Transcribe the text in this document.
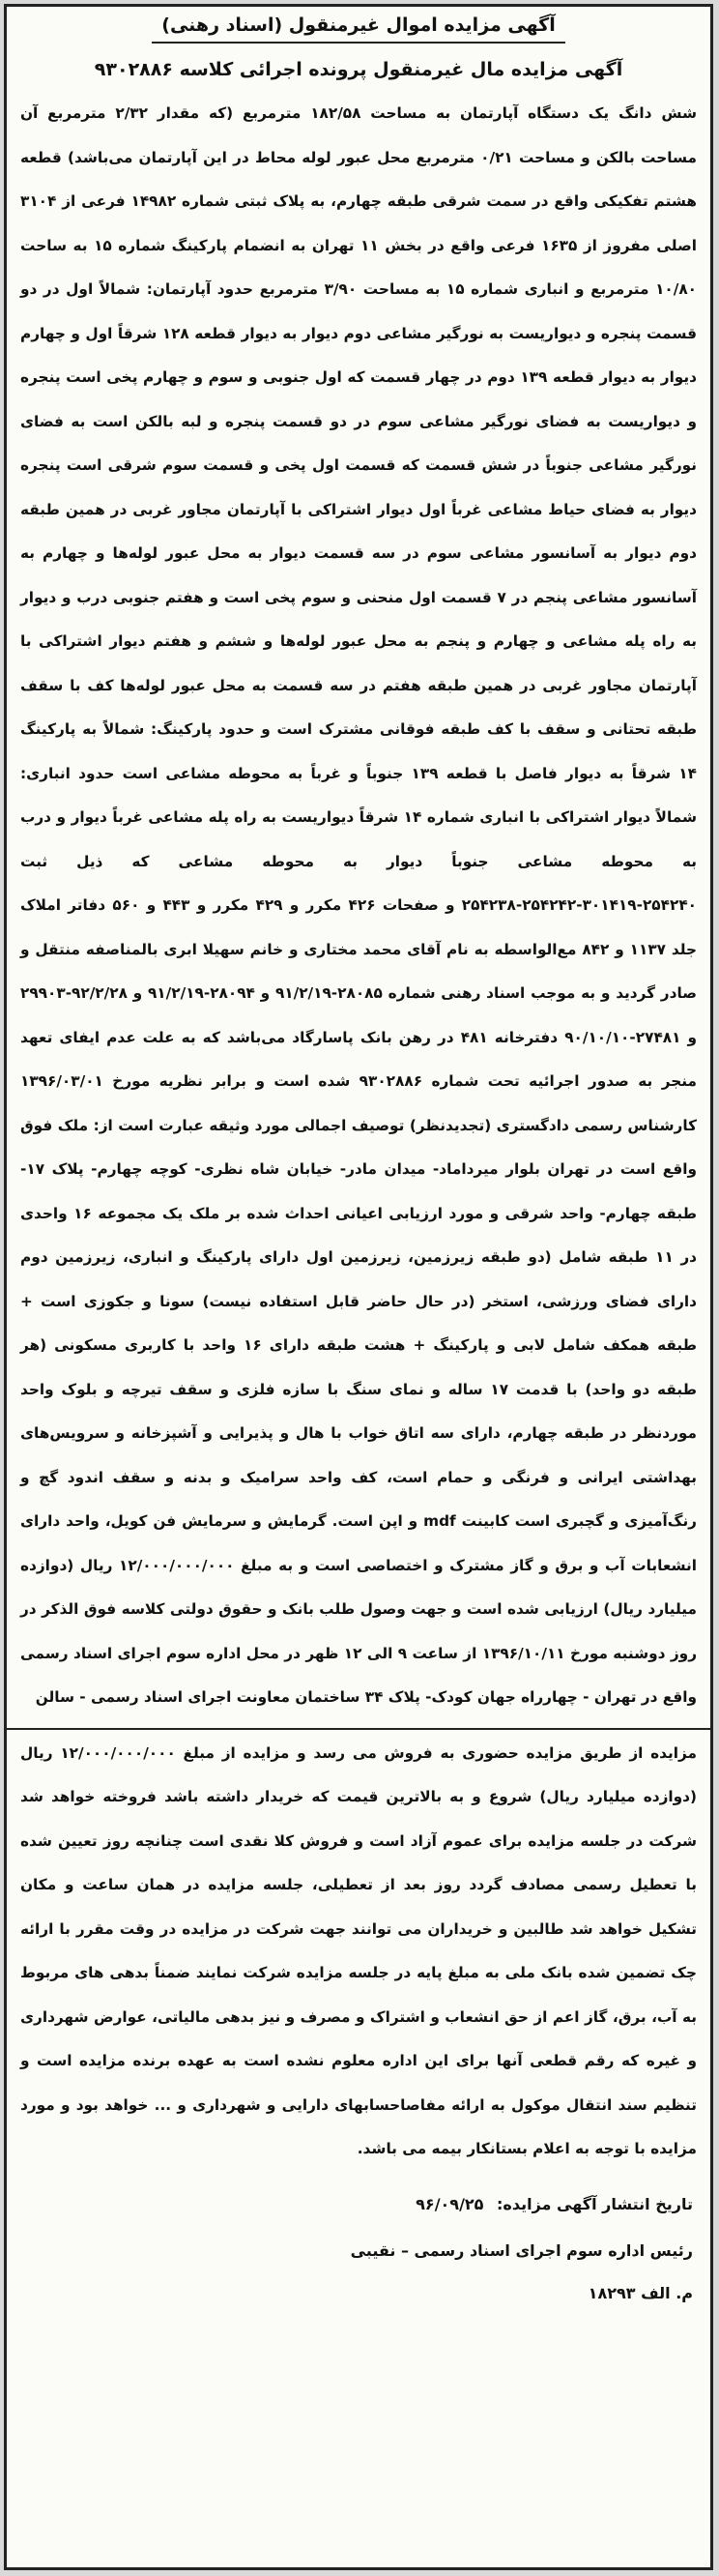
آگهی مزایده اموال غیرمنقول (اسناد رهنی)
آگهی مزایده مال غیرمنقول پرونده اجرائی کلاسه ۹۳۰۲۸۸۶
شش دانگ یک دستگاه آپارتمان به مساحت ۱۸۲/۵۸ مترمربع (که مقدار ۲/۳۲ مترمربع آن مساحت بالکن و مساحت ۰/۲۱ مترمربع محل عبور لوله محاط در این آپارتمان می‌باشد) قطعه هشتم تفکیکی واقع در سمت شرقی طبقه چهارم، به پلاک ثبتی شماره ۱۴۹۸۲ فرعی از ۳۱۰۴ اصلی مفروز از ۱۶۳۵ فرعی واقع در بخش ۱۱ تهران به انضمام پارکینگ شماره ۱۵ به ساحت ۱۰/۸۰ مترمربع و انباری شماره ۱۵ به مساحت ۳/۹۰ مترمربع حدود آپارتمان: شمالاً اول در دو قسمت پنجره و دیواریست به نورگیر مشاعی دوم دیوار به دیوار قطعه ۱۲۸ شرقاً اول و چهارم دیوار به دیوار قطعه ۱۳۹ دوم در چهار قسمت که اول جنوبی و سوم و چهارم پخی است پنجره و دیواریست به فضای نورگیر مشاعی سوم در دو قسمت پنجره و لبه بالکن است به فضای نورگیر مشاعی جنوباً در شش قسمت که قسمت اول پخی و قسمت سوم شرقی است پنجره دیوار به فضای حیاط مشاعی غرباً اول دیوار اشتراکی با آپارتمان مجاور غربی در همین طبقه دوم دیوار به آسانسور مشاعی سوم در سه قسمت دیوار به محل عبور لوله‌ها و چهارم به آسانسور مشاعی پنجم در ۷ قسمت اول منحنی و سوم پخی است و هفتم جنوبی درب و دیوار به راه پله مشاعی و چهارم و پنجم به محل عبور لوله‌ها و ششم و هفتم دیوار اشتراکی با آپارتمان مجاور غربی در همین طبقه هفتم در سه قسمت به محل عبور لوله‌ها کف با سقف طبقه تحتانی و سقف با کف طبقه فوقانی مشترک است و حدود پارکینگ: شمالاً به پارکینگ ۱۴ شرقاً به دیوار فاصل با قطعه ۱۳۹ جنوباً و غرباً به محوطه مشاعی است حدود انباری: شمالاً دیوار اشتراکی با انباری شماره ۱۴ شرقاً دیواریست به راه پله مشاعی غرباً دیوار و درب به محوطه مشاعی جنوباً دیوار به محوطه مشاعی که ذیل ثبت ۲۵۴۲۴۰-۳۰۱۴۱۹-۲۵۴۲۴۲-۲۵۴۲۳۸ و صفحات ۴۲۶ مکرر و ۴۲۹ مکرر و ۴۴۳ و ۵۶۰ دفاتر املاک جلد ۱۱۳۷ و ۸۴۲ مع‌الواسطه به نام آقای محمد مختاری و خانم سهیلا ابری بالمناصفه منتقل و صادر گردید و به موجب اسناد رهنی شماره ۲۸۰۸۵-۹۱/۲/۱۹ و ۲۸۰۹۴-۹۱/۲/۱۹ و ۹۲/۲/۲۸-۲۹۹۰۳ و ۲۷۴۸۱-۹۰/۱۰/۱۰ دفترخانه ۴۸۱ در رهن بانک پاسارگاد می‌باشد که به علت عدم ایفای تعهد منجر به صدور اجرائیه تحت شماره ۹۳۰۲۸۸۶ شده است و برابر نظریه مورخ ۱۳۹۶/۰۳/۰۱ کارشناس رسمی دادگستری (تجدیدنظر) توصیف اجمالی مورد وثیقه عبارت است از: ملک فوق واقع است در تهران بلوار میرداماد- میدان مادر- خیابان شاه نظری- کوچه چهارم- پلاک ۱۷- طبقه چهارم- واحد شرقی و مورد ارزیابی اعیانی احداث شده بر ملک یک مجموعه ۱۶ واحدی در ۱۱ طبقه شامل (دو طبقه زیرزمین، زیرزمین اول دارای پارکینگ و انباری، زیرزمین دوم دارای فضای ورزشی، استخر (در حال حاضر قابل استفاده نیست) سونا و جکوزی است + طبقه همکف شامل لابی و پارکینگ + هشت طبقه دارای ۱۶ واحد با کاربری مسکونی (هر طبقه دو واحد) با قدمت ۱۷ ساله و نمای سنگ با سازه فلزی و سقف تیرچه و بلوک واحد موردنظر در طبقه چهارم، دارای سه اتاق خواب با هال و پذیرایی و آشپزخانه و سرویس‌های بهداشتی ایرانی و فرنگی و حمام است، کف واحد سرامیک و بدنه و سقف اندود گچ و رنگ‌آمیزی و گچبری است کابینت mdf و اپن است. گرمایش و سرمایش فن کویل، واحد دارای انشعابات آب و برق و گاز مشترک و اختصاصی است و به مبلغ ۱۲/۰۰۰/۰۰۰/۰۰۰ ریال (دوازده میلیارد ریال) ارزیابی شده است و جهت وصول طلب بانک و حقوق دولتی کلاسه فوق الذکر در روز دوشنبه مورخ ۱۳۹۶/۱۰/۱۱ از ساعت ۹ الی ۱۲ ظهر در محل اداره سوم اجرای اسناد رسمی واقع در تهران - چهارراه جهان کودک- پلاک ۳۴ ساختمان معاونت اجرای اسناد رسمی - سالن
مزایده از طریق مزایده حضوری به فروش می رسد و مزایده از مبلغ ۱۲/۰۰۰/۰۰۰/۰۰۰ ریال (دوازده میلیارد ریال) شروع و به بالاترین قیمت که خریدار داشته باشد فروخته خواهد شد شرکت در جلسه مزایده برای عموم آزاد است و فروش کلا نقدی است چنانچه روز تعیین شده با تعطیل رسمی مصادف گردد روز بعد از تعطیلی، جلسه مزایده در همان ساعت و مکان تشکیل خواهد شد طالبین و خریداران می توانند جهت شرکت در مزایده در وقت مقرر با ارائه چک تضمین شده بانک ملی به مبلغ پایه در جلسه مزایده شرکت نمایند ضمناً بدهی های مربوط به آب، برق، گاز اعم از حق انشعاب و اشتراک و مصرف و نیز بدهی مالیاتی، عوارض شهرداری و غیره که رقم قطعی آنها برای این اداره معلوم نشده است به عهده برنده مزایده است و تنظیم سند انتقال موکول به ارائه مفاصاحسابهای دارایی و شهرداری و ... خواهد بود و مورد مزایده با توجه به اعلام بستانکار بیمه می باشد.
تاریخ انتشار آگهی مزایده: ۹۶/۰۹/۲۵
رئیس اداره سوم اجرای اسناد رسمی – نقیبی
م. الف ۱۸۲۹۳
